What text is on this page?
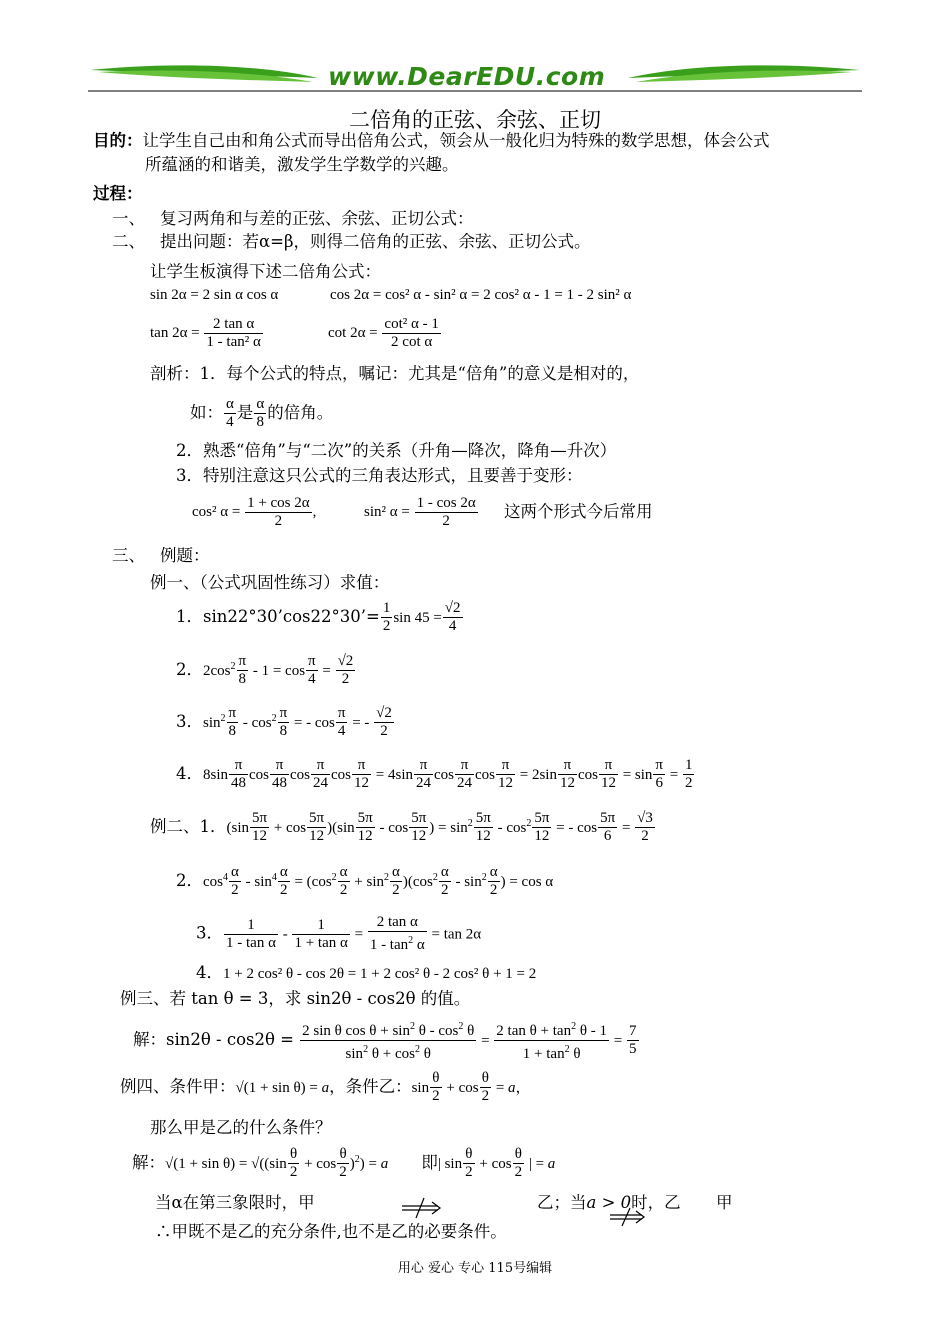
www.DearEDU.com
二倍角的正弦、余弦、正切
目的：让学生自己由和角公式而导出倍角公式，领会从一般化归为特殊的数学思想，体会公式
所蕴涵的和谐美，激发学生学数学的兴趣。
过程：
一、 复习两角和与差的正弦、余弦、正切公式：
二、 提出问题：若α=β，则得二倍角的正弦、余弦、正切公式。
让学生板演得下述二倍角公式：
sin 2α = 2 sin α cos α	cos 2α = cos² α - sin² α = 2 cos² α - 1 = 1 - 2 sin² α
$\tan 2\alpha = \frac{\text{2 tan α}}{\text{1 - tan² α}}$	$\cot 2\alpha = \frac{\text{cot² α - 1}}{\text{2 cot α}}$
剖析：1．每个公式的特点，嘱记：尤其是“倍角”的意义是相对的，
如： $\frac{\alpha}{4}$ 是 $\frac{\alpha}{8}$ 的倍角。
2．熟悉“倍角”与“二次”的关系（升角—降次，降角—升次）
3．特别注意这只公式的三角表达形式，且要善于变形：
cos² $\alpha = \frac{1 + \cos 2\alpha}{2}$ ,	sin² $\alpha = \frac{1 - \cos 2\alpha}{2}$ 这两个形式今后常用
三、 例题：
例一、（公式巩固性练习）求值：
1．sin22°30’cos22°30’= $\frac{1}{2}$ $\sin 45 = \frac{√2}{4}$
2．$2\cos^2 \frac{\pi}{8} - 1 = \cos \frac{\pi}{4} = \frac{√2}{2}$
3．$\sin^2 \frac{\pi}{8} - \cos^2 \frac{\pi}{8}$ = - $\cos \frac{\pi}{4}$ = - $\frac{√2}{2}$
4．$8\sin \frac{\pi}{48}$ $\cos \frac{\pi}{48}$ $\cos \frac{\pi}{24}$ $\cos \frac{\pi}{12} = 4\sin \frac{\pi}{24}$ $\cos \frac{\pi}{24}$ $\cos \frac{\pi}{12} = 2\sin \frac{\pi}{12}$ $\cos \frac{\pi}{12} = \sin \frac{\pi}{6} = \frac{1}{2}$
例二、1．$(\sin \frac{5\pi}{12} + \cos \frac{5\pi}{12} )(\sin \frac{5\pi}{12} - \cos \frac{5\pi}{12}$ ) = $\sin^2 \frac{5\pi}{12} - \cos^2 \frac{5\pi}{12}$ = - $\cos \frac{5\pi}{6} = \frac{√3}{2}$
2．$\cos^4 \frac{\alpha}{2} - \sin^4 \frac{\alpha}{2} = (\cos^2 \frac{\alpha}{2} + \sin^2 \frac{\alpha}{2} )(\cos^2 \frac{\alpha}{2} - \sin^2 \frac{\alpha}{2}$ ) = cos α
3． $\frac{1}{\text{1 - tan α}} - \frac{1}{\text{1 + tan α}} = \frac{\text{2 tan α}}{1 - \tan^2 \alpha} = \tan 2\alpha$
4．1 + 2 cos² θ - cos 2θ = 1 + 2 cos² θ - 2 cos² θ + 1 = 2
例三、若 tan θ = 3，求 sin2θ - cos2θ 的值。
解：$\sin 2\theta - \cos 2\theta = \frac{2 \sin \theta \cos \theta + \sin^2 \theta - \cos^2 \theta}{\sin^2 \theta + \cos^2 \theta} = \frac{2 \tan \theta + \tan^2 \theta - 1}{1 + \tan^2 \theta} = \frac{7}{5}$
例四、条件甲：√(1 + sin θ) = a，条件乙：$\sin \frac{\theta}{2} + \cos \frac{\theta}{2} = a$，
那么甲是乙的什么条件？
解：$√(1 + \sin \theta) = √((\sin \frac{\theta}{2} + \cos \frac{\theta}{2} )^2) = a$ 即| $\sin \frac{\theta}{2} + \cos \frac{\theta}{2}$ | = a
当α在第三象限时，甲	乙；当a > 0时，乙 甲
∴甲既不是乙的充分条件,也不是乙的必要条件。
用心 爱心 专心 115号编辑
